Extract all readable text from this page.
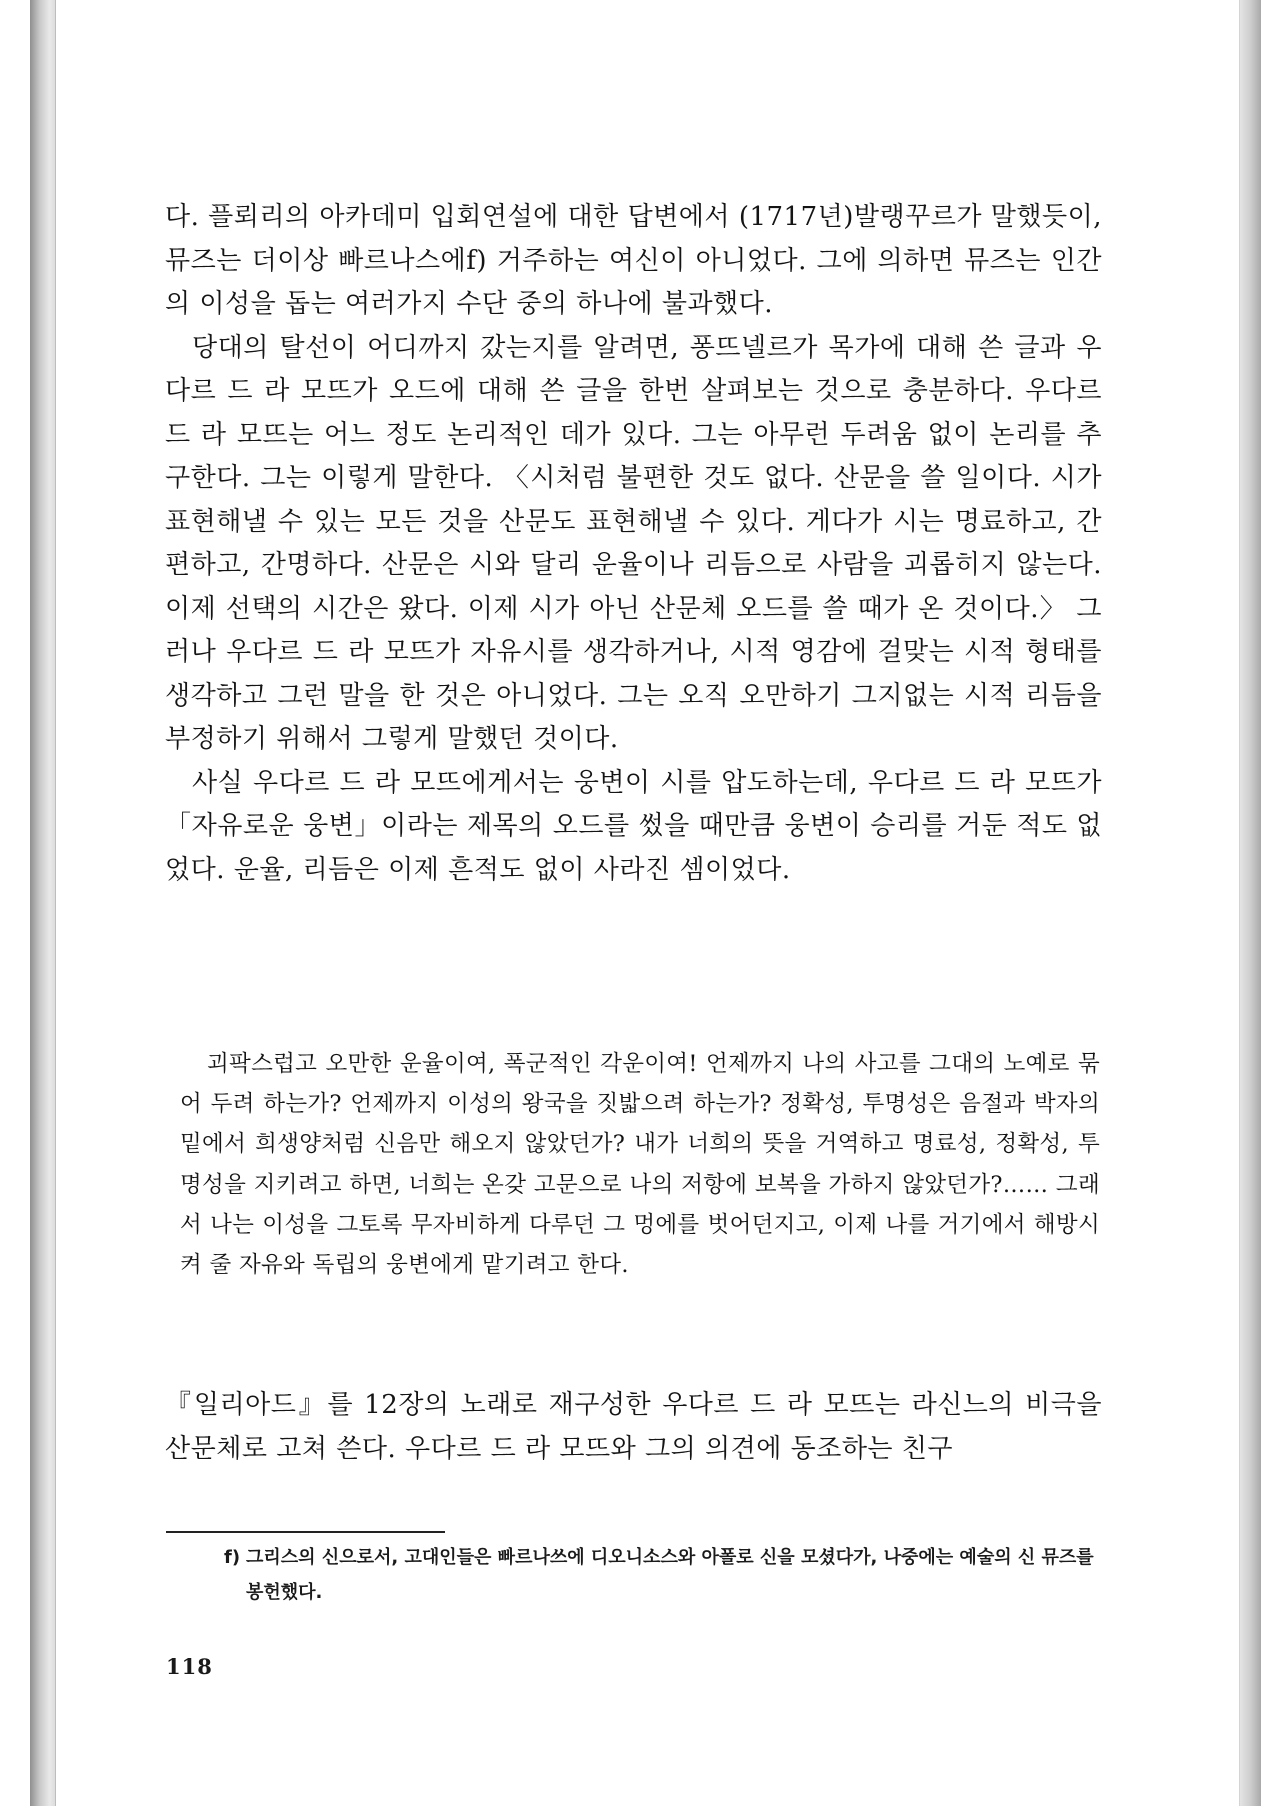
다. 플뢰리의 아카데미 입회연설에 대한 답변에서 (1717년)발랭꾸르가 말했듯이, 뮤즈는 더이상 빠르나스에f) 거주하는 여신이 아니었다. 그에 의하면 뮤즈는 인간의 이성을 돕는 여러가지 수단 중의 하나에 불과했다.

당대의 탈선이 어디까지 갔는지를 알려면, 퐁뜨넬르가 목가에 대해 쓴 글과 우다르 드 라 모뜨가 오드에 대해 쓴 글을 한번 살펴보는 것으로 충분하다. 우다르 드 라 모뜨는 어느 정도 논리적인 데가 있다. 그는 아무런 두려움 없이 논리를 추구한다. 그는 이렇게 말한다. 〈시처럼 불편한 것도 없다. 산문을 쓸 일이다. 시가 표현해낼 수 있는 모든 것을 산문도 표현해낼 수 있다. 게다가 시는 명료하고, 간편하고, 간명하다. 산문은 시와 달리 운율이나 리듬으로 사람을 괴롭히지 않는다. 이제 선택의 시간은 왔다. 이제 시가 아닌 산문체 오드를 쓸 때가 온 것이다.〉 그러나 우다르 드 라 모뜨가 자유시를 생각하거나, 시적 영감에 걸맞는 시적 형태를 생각하고 그런 말을 한 것은 아니었다. 그는 오직 오만하기 그지없는 시적 리듬을 부정하기 위해서 그렇게 말했던 것이다.

사실 우다르 드 라 모뜨에게서는 웅변이 시를 압도하는데, 우다르 드 라 모뜨가 「자유로운 웅변」이라는 제목의 오드를 썼을 때만큼 웅변이 승리를 거둔 적도 없었다. 운율, 리듬은 이제 흔적도 없이 사라진 셈이었다.

괴팍스럽고 오만한 운율이여, 폭군적인 각운이여! 언제까지 나의 사고를 그대의 노예로 묶어 두려 하는가? 언제까지 이성의 왕국을 짓밟으려 하는가? 정확성, 투명성은 음절과 박자의 밑에서 희생양처럼 신음만 해오지 않았던가? 내가 너희의 뜻을 거역하고 명료성, 정확성, 투명성을 지키려고 하면, 너희는 온갖 고문으로 나의 저항에 보복을 가하지 않았던가?…… 그래서 나는 이성을 그토록 무자비하게 다루던 그 멍에를 벗어던지고, 이제 나를 거기에서 해방시켜 줄 자유와 독립의 웅변에게 맡기려고 한다.

『일리아드』를 12장의 노래로 재구성한 우다르 드 라 모뜨는 라신느의 비극을 산문체로 고쳐 쓴다. 우다르 드 라 모뜨와 그의 의견에 동조하는 친구

f) 그리스의 신으로서, 고대인들은 빠르나쓰에 디오니소스와 아폴로 신을 모셨다가, 나중에는 예술의 신 뮤즈를 봉헌했다.
118
